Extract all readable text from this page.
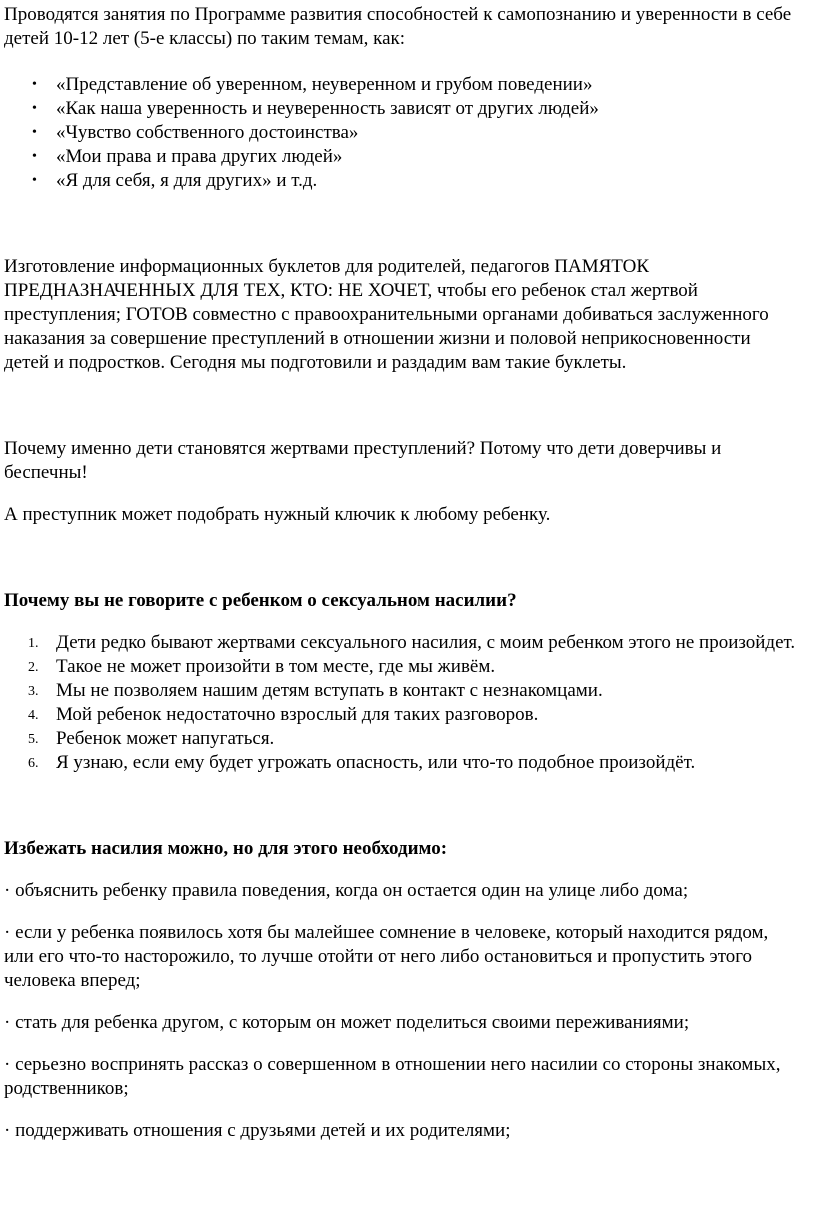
Проводятся занятия по Программе развития способностей к самопознанию и уверенности в себе детей 10-12 лет (5-е классы) по таким темам, как:

• «Представление об уверенном, неуверенном и грубом поведении»
• «Как наша уверенность и неуверенность зависят от других людей»
• «Чувство собственного достоинства»
• «Мои права и права других людей»
• «Я для себя, я для других» и т.д.

Изготовление информационных буклетов для родителей, педагогов ПАМЯТОК ПРЕДНАЗНАЧЕННЫХ ДЛЯ ТЕХ, КТО: НЕ ХОЧЕТ, чтобы его ребенок стал жертвой преступления; ГОТОВ совместно с правоохранительными органами добиваться заслуженного наказания за совершение преступлений в отношении жизни и половой неприкосновенности детей и подростков. Сегодня мы подготовили и раздадим вам такие буклеты.

Почему именно дети становятся жертвами преступлений? Потому что дети доверчивы и беспечны!

А преступник может подобрать нужный ключик к любому ребенку.

Почему вы не говорите с ребенком о сексуальном насилии?

1. Дети редко бывают жертвами сексуального насилия, с моим ребенком этого не произойдет.
2. Такое не может произойти в том месте, где мы живём.
3. Мы не позволяем нашим детям вступать в контакт с незнакомцами.
4. Мой ребенок недостаточно взрослый для таких разговоров.
5. Ребенок может напугаться.
6. Я узнаю, если ему будет угрожать опасность, или что-то подобное произойдёт.

Избежать насилия можно, но для этого необходимо:

· объяснить ребенку правила поведения, когда он остается один на улице либо дома;

· если у ребенка появилось хотя бы малейшее сомнение в человеке, который находится рядом, или его что-то насторожило, то лучше отойти от него либо остановиться и пропустить этого человека вперед;

· стать для ребенка другом, с которым он может поделиться своими переживаниями;

· серьезно воспринять рассказ о совершенном в отношении него насилии со стороны знакомых, родственников;

· поддерживать отношения с друзьями детей и их родителями;
